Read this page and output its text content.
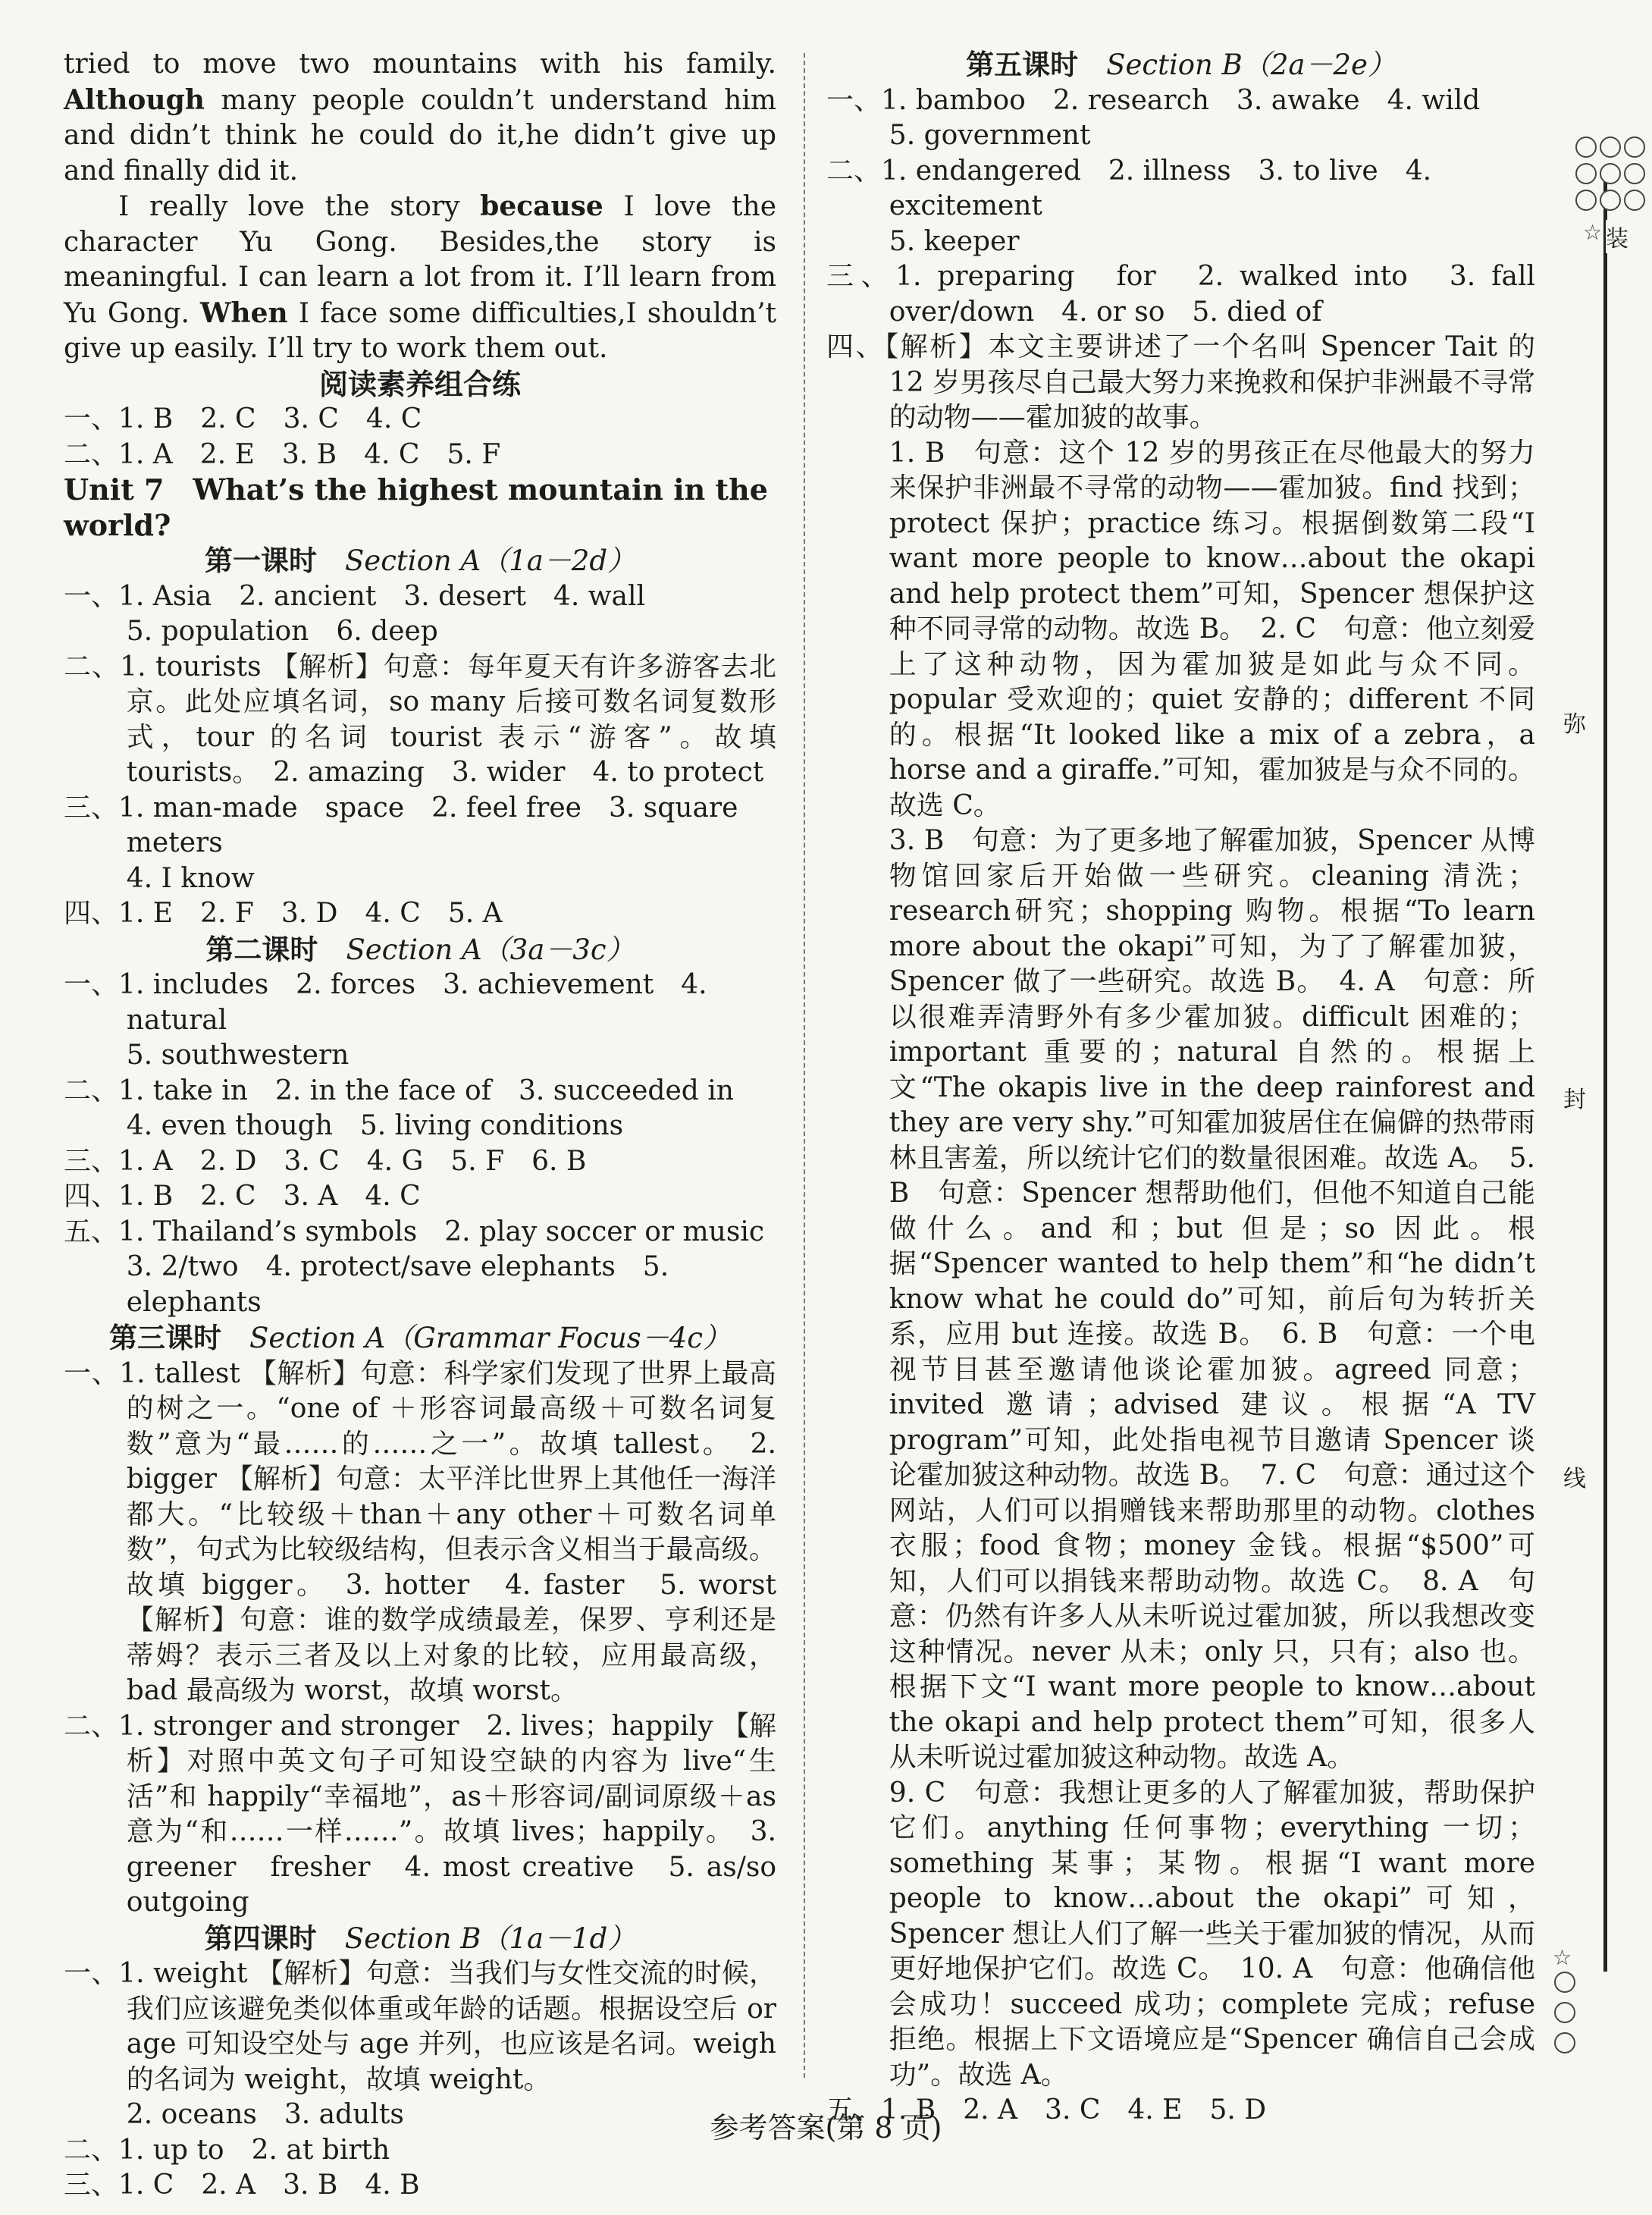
tried to move two mountains with his family. Although many people couldn’t understand him and didn’t think he could do it,he didn’t give up and finally did it.

I really love the story because I love the character Yu Gong. Besides,the story is meaningful. I can learn a lot from it. I’ll learn from Yu Gong. When I face some difficulties,I shouldn’t give up easily. I’ll try to work them out.

阅读素养组合练

一、1. B　2. C　3. C　4. C

二、1. A　2. E　3. B　4. C　5. F

Unit 7　What’s the highest mountain in the world?

第一课时　 Section A（1a－2d）

一、1. Asia　2. ancient　3. desert　4. wall

5. population　6. deep

二、1. tourists 【解析】句意：每年夏天有许多游客去北京。此处应填名词，so many 后接可数名词复数形式，tour 的名词 tourist 表示“游客”。故填 tourists。　2. amazing　3. wider　4. to protect

三、1. man-made　space　2. feel free　3. square meters

4. I know

四、1. E　2. F　3. D　4. C　5. A

第二课时　 Section A（3a－3c）

一、1. includes　2. forces　3. achievement　4. natural

5. southwestern

二、1. take in　2. in the face of　3. succeeded in

4. even though　5. living conditions

三、1. A　2. D　3. C　4. G　5. F　6. B

四、1. B　2. C　3. A　4. C

五、1. Thailand’s symbols　2. play soccer or music

3. 2/two　4. protect/save elephants　5. elephants

第三课时　 Section A（Grammar Focus－4c）

一、1. tallest 【解析】句意：科学家们发现了世界上最高的树之一。“one of ＋形容词最高级＋可数名词复数”意为“最……的……之一”。故填 tallest。　2. bigger 【解析】句意：太平洋比世界上其他任一海洋都大。“比较级＋than＋any other＋可数名词单数”，句式为比较级结构，但表示含义相当于最高级。故填 bigger。　3. hotter　4. faster　5. worst 【解析】句意：谁的数学成绩最差，保罗、亨利还是蒂姆？表示三者及以上对象的比较，应用最高级，bad 最高级为 worst，故填 worst。

二、1. stronger and stronger　2. lives；happily 【解析】对照中英文句子可知设空缺的内容为 live“生活”和 happily“幸福地”，as＋形容词/副词原级＋as 意为“和……一样……”。故填 lives；happily。　3. greener　fresher　4. most creative　5. as/so outgoing

第四课时　 Section B（1a－1d）

一、1. weight 【解析】句意：当我们与女性交流的时候，我们应该避免类似体重或年龄的话题。根据设空后 or age 可知设空处与 age 并列，也应该是名词。weigh 的名词为 weight，故填 weight。

2. oceans　3. adults

二、1. up to　2. at birth

三、1. C　2. A　3. B　4. B

第五课时　 Section B（2a－2e）

一、1. bamboo　2. research　3. awake　4. wild

5. government

二、1. endangered　2. illness　3. to live　4. excitement

5. keeper

三、1. preparing　for　2. walked into　3. fall over/down　4. or so　5. died of

四、【解析】本文主要讲述了一个名叫 Spencer Tait 的 12 岁男孩尽自己最大努力来挽救和保护非洲最不寻常的动物——霍加狓的故事。

1. B　句意：这个 12 岁的男孩正在尽他最大的努力来保护非洲最不寻常的动物——霍加狓。find 找到；protect 保护；practice 练习。根据倒数第二段“I want more people to know…about the okapi and help protect them”可知，Spencer 想保护这种不同寻常的动物。故选 B。　2. C　句意：他立刻爱上了这种动物，因为霍加狓是如此与众不同。popular 受欢迎的；quiet 安静的；different 不同的。根据“It looked like a mix of a zebra，a horse and a giraffe.”可知，霍加狓是与众不同的。故选 C。

3. B　句意：为了更多地了解霍加狓，Spencer 从博物馆回家后开始做一些研究。cleaning 清洗；research研究；shopping 购物。根据“To learn more about the okapi”可知，为了了解霍加狓，Spencer 做了一些研究。故选 B。　4. A　句意：所以很难弄清野外有多少霍加狓。difficult 困难的；important 重要的；natural 自然的。根据上文“The okapis live in the deep rainforest and they are very shy.”可知霍加狓居住在偏僻的热带雨林且害羞，所以统计它们的数量很困难。故选 A。　5. B　句意：Spencer 想帮助他们，但他不知道自己能做什么。and 和；but 但是；so 因此。根据“Spencer wanted to help them”和“he didn’t know what he could do”可知，前后句为转折关系，应用 but 连接。故选 B。　6. B　句意：一个电视节目甚至邀请他谈论霍加狓。agreed 同意；invited 邀请；advised 建议。根据“A TV program”可知，此处指电视节目邀请 Spencer 谈论霍加狓这种动物。故选 B。　7. C　句意：通过这个网站，人们可以捐赠钱来帮助那里的动物。clothes 衣服；food 食物；money 金钱。根据“$500”可知，人们可以捐钱来帮助动物。故选 C。　8. A　句意：仍然有许多人从未听说过霍加狓，所以我想改变这种情况。never 从未；only 只，只有；also 也。根据下文“I want more people to know…about the okapi and help protect them”可知，很多人从未听说过霍加狓这种动物。故选 A。

9. C　句意：我想让更多的人了解霍加狓，帮助保护它们。anything 任何事物；everything 一切；something 某事；某物。根据“I want more people to know…about the okapi”可知，Spencer 想让人们了解一些关于霍加狓的情况，从而更好地保护它们。故选 C。　10. A　句意：他确信他会成功！succeed 成功；complete 完成；refuse 拒绝。根据上下文语境应是“Spencer 确信自己会成功”。故选 A。

五、1. B　2. A　3. C　4. E　5. D

参考答案(第 8 页)
☆ 装
弥
封
线
☆
